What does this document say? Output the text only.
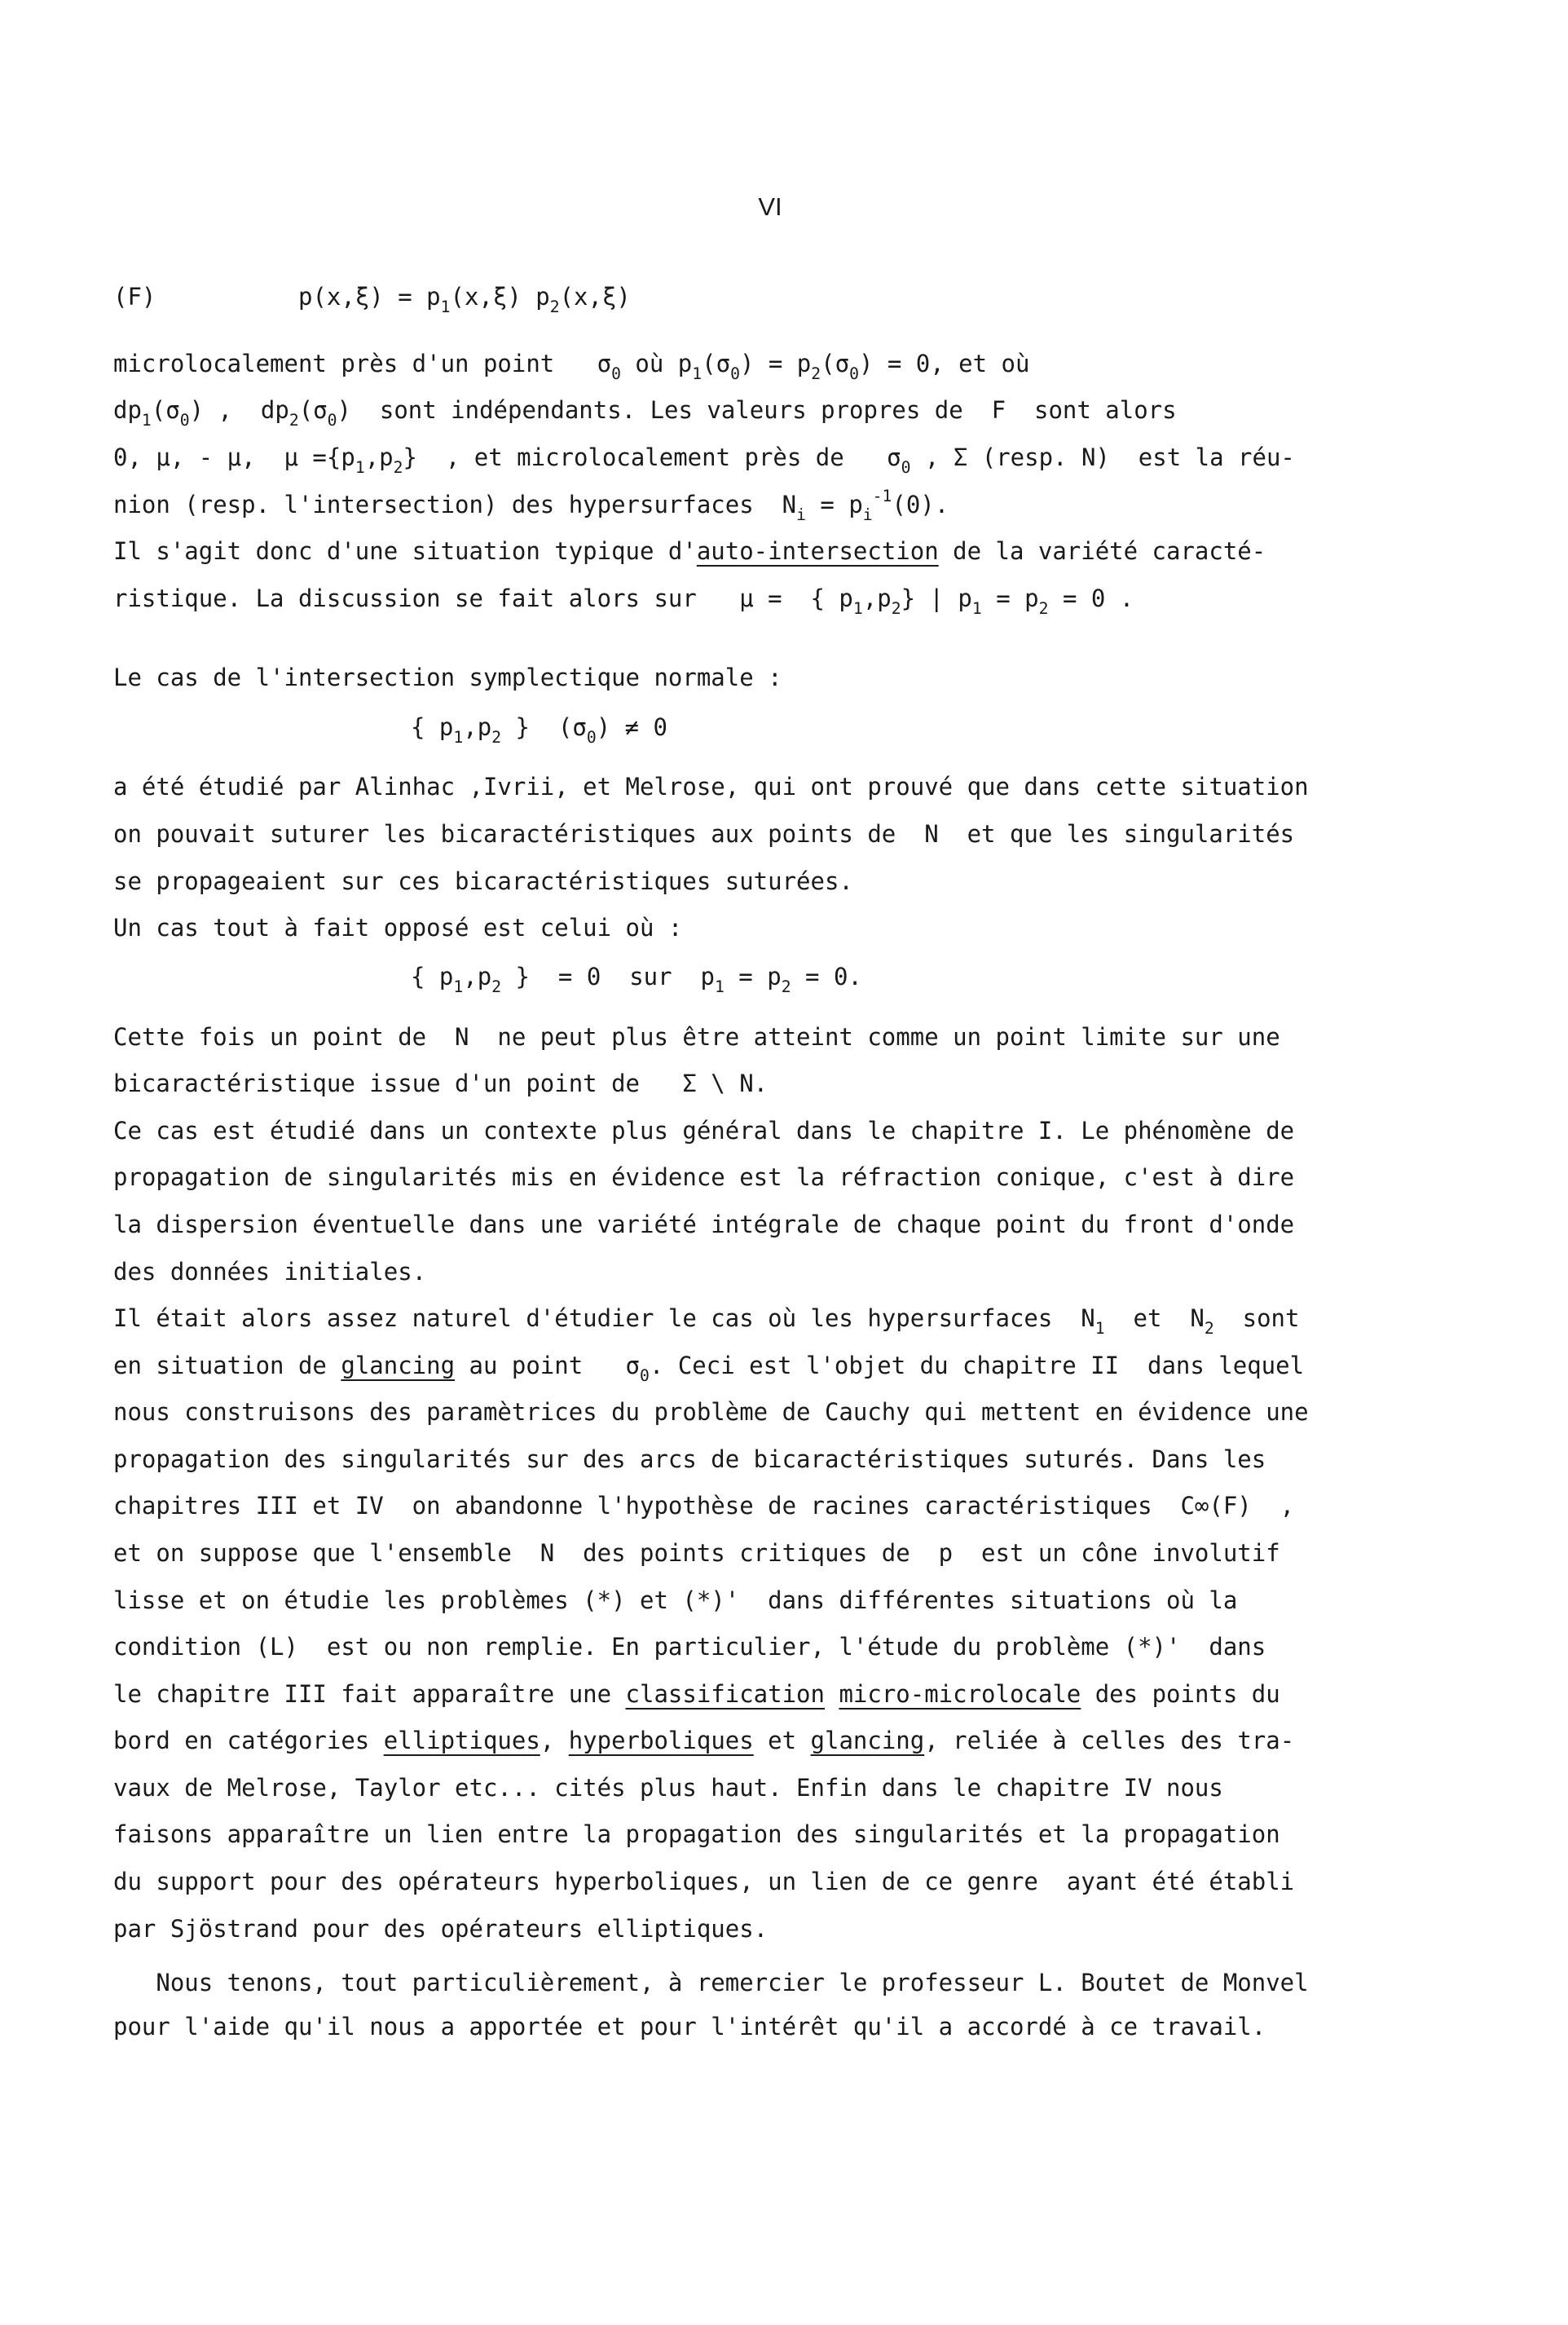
VI
(F)	$p(x,\xi) = p_1(x,\xi)$ $p_2(x,\xi)$
microlocalement près d'un point   $\sigma_0$ où $p_1(\sigma_0) = p_2(\sigma_0) = 0$, et où
$dp_1(\sigma_0)$ ,  $dp_2(\sigma_0)$  sont indépendants. Les valeurs propres de  F  sont alors
0, μ, - μ,  $\mu =\{p_1,p_2\}$  , et microlocalement près de   $\sigma_0$ , Σ (resp. N)  est la réu-
nion (resp. l'intersection) des hypersurfaces  $N_i = p_i^{-1}(0)$.
Il s'agit donc d'une situation typique d'auto-intersection de la variété caracté-
ristique. La discussion se fait alors sur   μ =  { $p_1,p_2$} | $p_1 = p_2 = 0$ .
Le cas de l'intersection symplectique normale :
{ $p_1,p_2$ }  $(\sigma_0) \ne 0$
a été étudié par Alinhac ,Ivrii, et Melrose, qui ont prouvé que dans cette situation
on pouvait suturer les bicaractéristiques aux points de  N  et que les singularités
se propageaient sur ces bicaractéristiques suturées.
Un cas tout à fait opposé est celui où :
{ $p_1,p_2$ }  = 0  sur  $p_1 = p_2 = 0$.
Cette fois un point de  N  ne peut plus être atteint comme un point limite sur une
bicaractéristique issue d'un point de   Σ \ N.
Ce cas est étudié dans un contexte plus général dans le chapitre I. Le phénomène de
propagation de singularités mis en évidence est la réfraction conique, c'est à dire
la dispersion éventuelle dans une variété intégrale de chaque point du front d'onde
des données initiales.
Il était alors assez naturel d'étudier le cas où les hypersurfaces  $N_1$  et  $N_2$  sont
en situation de glancing au point   $\sigma_0$. Ceci est l'objet du chapitre II  dans lequel
nous construisons des paramètrices du problème de Cauchy qui mettent en évidence une
propagation des singularités sur des arcs de bicaractéristiques suturés. Dans les
chapitres III et IV  on abandonne l'hypothèse de racines caractéristiques  C∞(F)  ,
et on suppose que l'ensemble  N  des points critiques de  p  est un cône involutif
lisse et on étudie les problèmes (*) et (*)'  dans différentes situations où la
condition (L)  est ou non remplie. En particulier, l'étude du problème (*)'  dans
le chapitre III fait apparaître une classification micro-microlocale des points du
bord en catégories elliptiques, hyperboliques et glancing, reliée à celles des tra-
vaux de Melrose, Taylor etc... cités plus haut. Enfin dans le chapitre IV nous
faisons apparaître un lien entre la propagation des singularités et la propagation
du support pour des opérateurs hyperboliques, un lien de ce genre  ayant été établi
par Sjöstrand pour des opérateurs elliptiques.
Nous tenons, tout particulièrement, à remercier le professeur L. Boutet de Monvel
pour l'aide qu'il nous a apportée et pour l'intérêt qu'il a accordé à ce travail.
